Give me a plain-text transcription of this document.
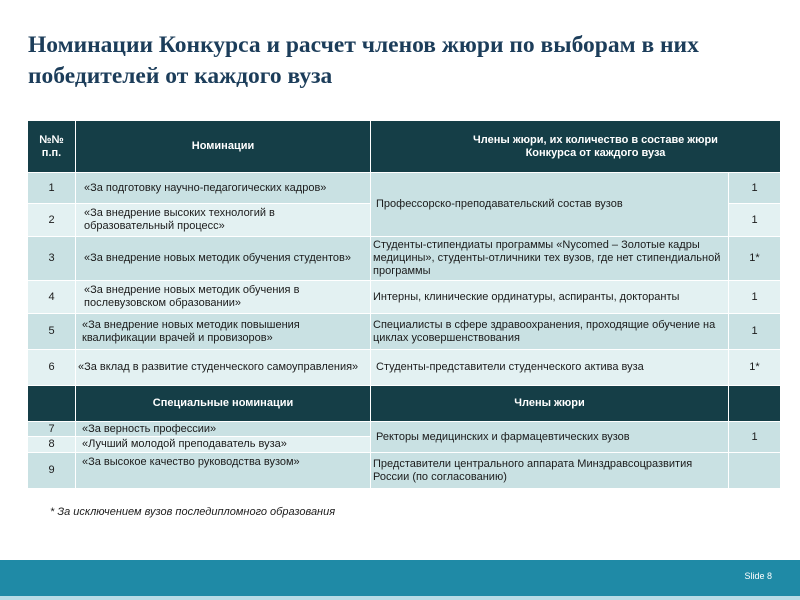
Номинации Конкурса и расчет членов жюри по выборам в них победителей от каждого вуза
№№ п.п.	Номинации	Члены жюри, их количество в составе жюри Конкурса от каждого вуза	
1	«За подготовку научно-педагогических кадров»	Профессорско-преподавательский состав вузов	1
2	«За внедрение высоких технологий в образовательный процесс»		1
3	«За внедрение новых методик обучения студентов»	Студенты-стипендиаты программы «Nycomed – Золотые кадры медицины», студенты-отличники тех вузов, где нет стипендиальной программы	1*
4	«За внедрение новых методик обучения в послевузовском образовании»	Интерны, клинические ординатуры, аспиранты, докторанты	1
5	«За внедрение новых методик повышения квалификации врачей и провизоров»	Специалисты в сфере здравоохранения, проходящие обучение на циклах усовершенствования	1
6	«За вклад в развитие студенческого самоуправления»	Студенты-представители студенческого актива вуза	1*
	Специальные номинации	Члены жюри	
7	«За верность профессии»	Ректоры медицинских и фармацевтических вузов	1
8	«Лучший молодой преподаватель вуза»		
9	«За высокое качество руководства вузом»	Представители центрального аппарата Минздравсоцразвития России (по согласованию)	
* За исключением вузов последипломного образования
Slide 8
